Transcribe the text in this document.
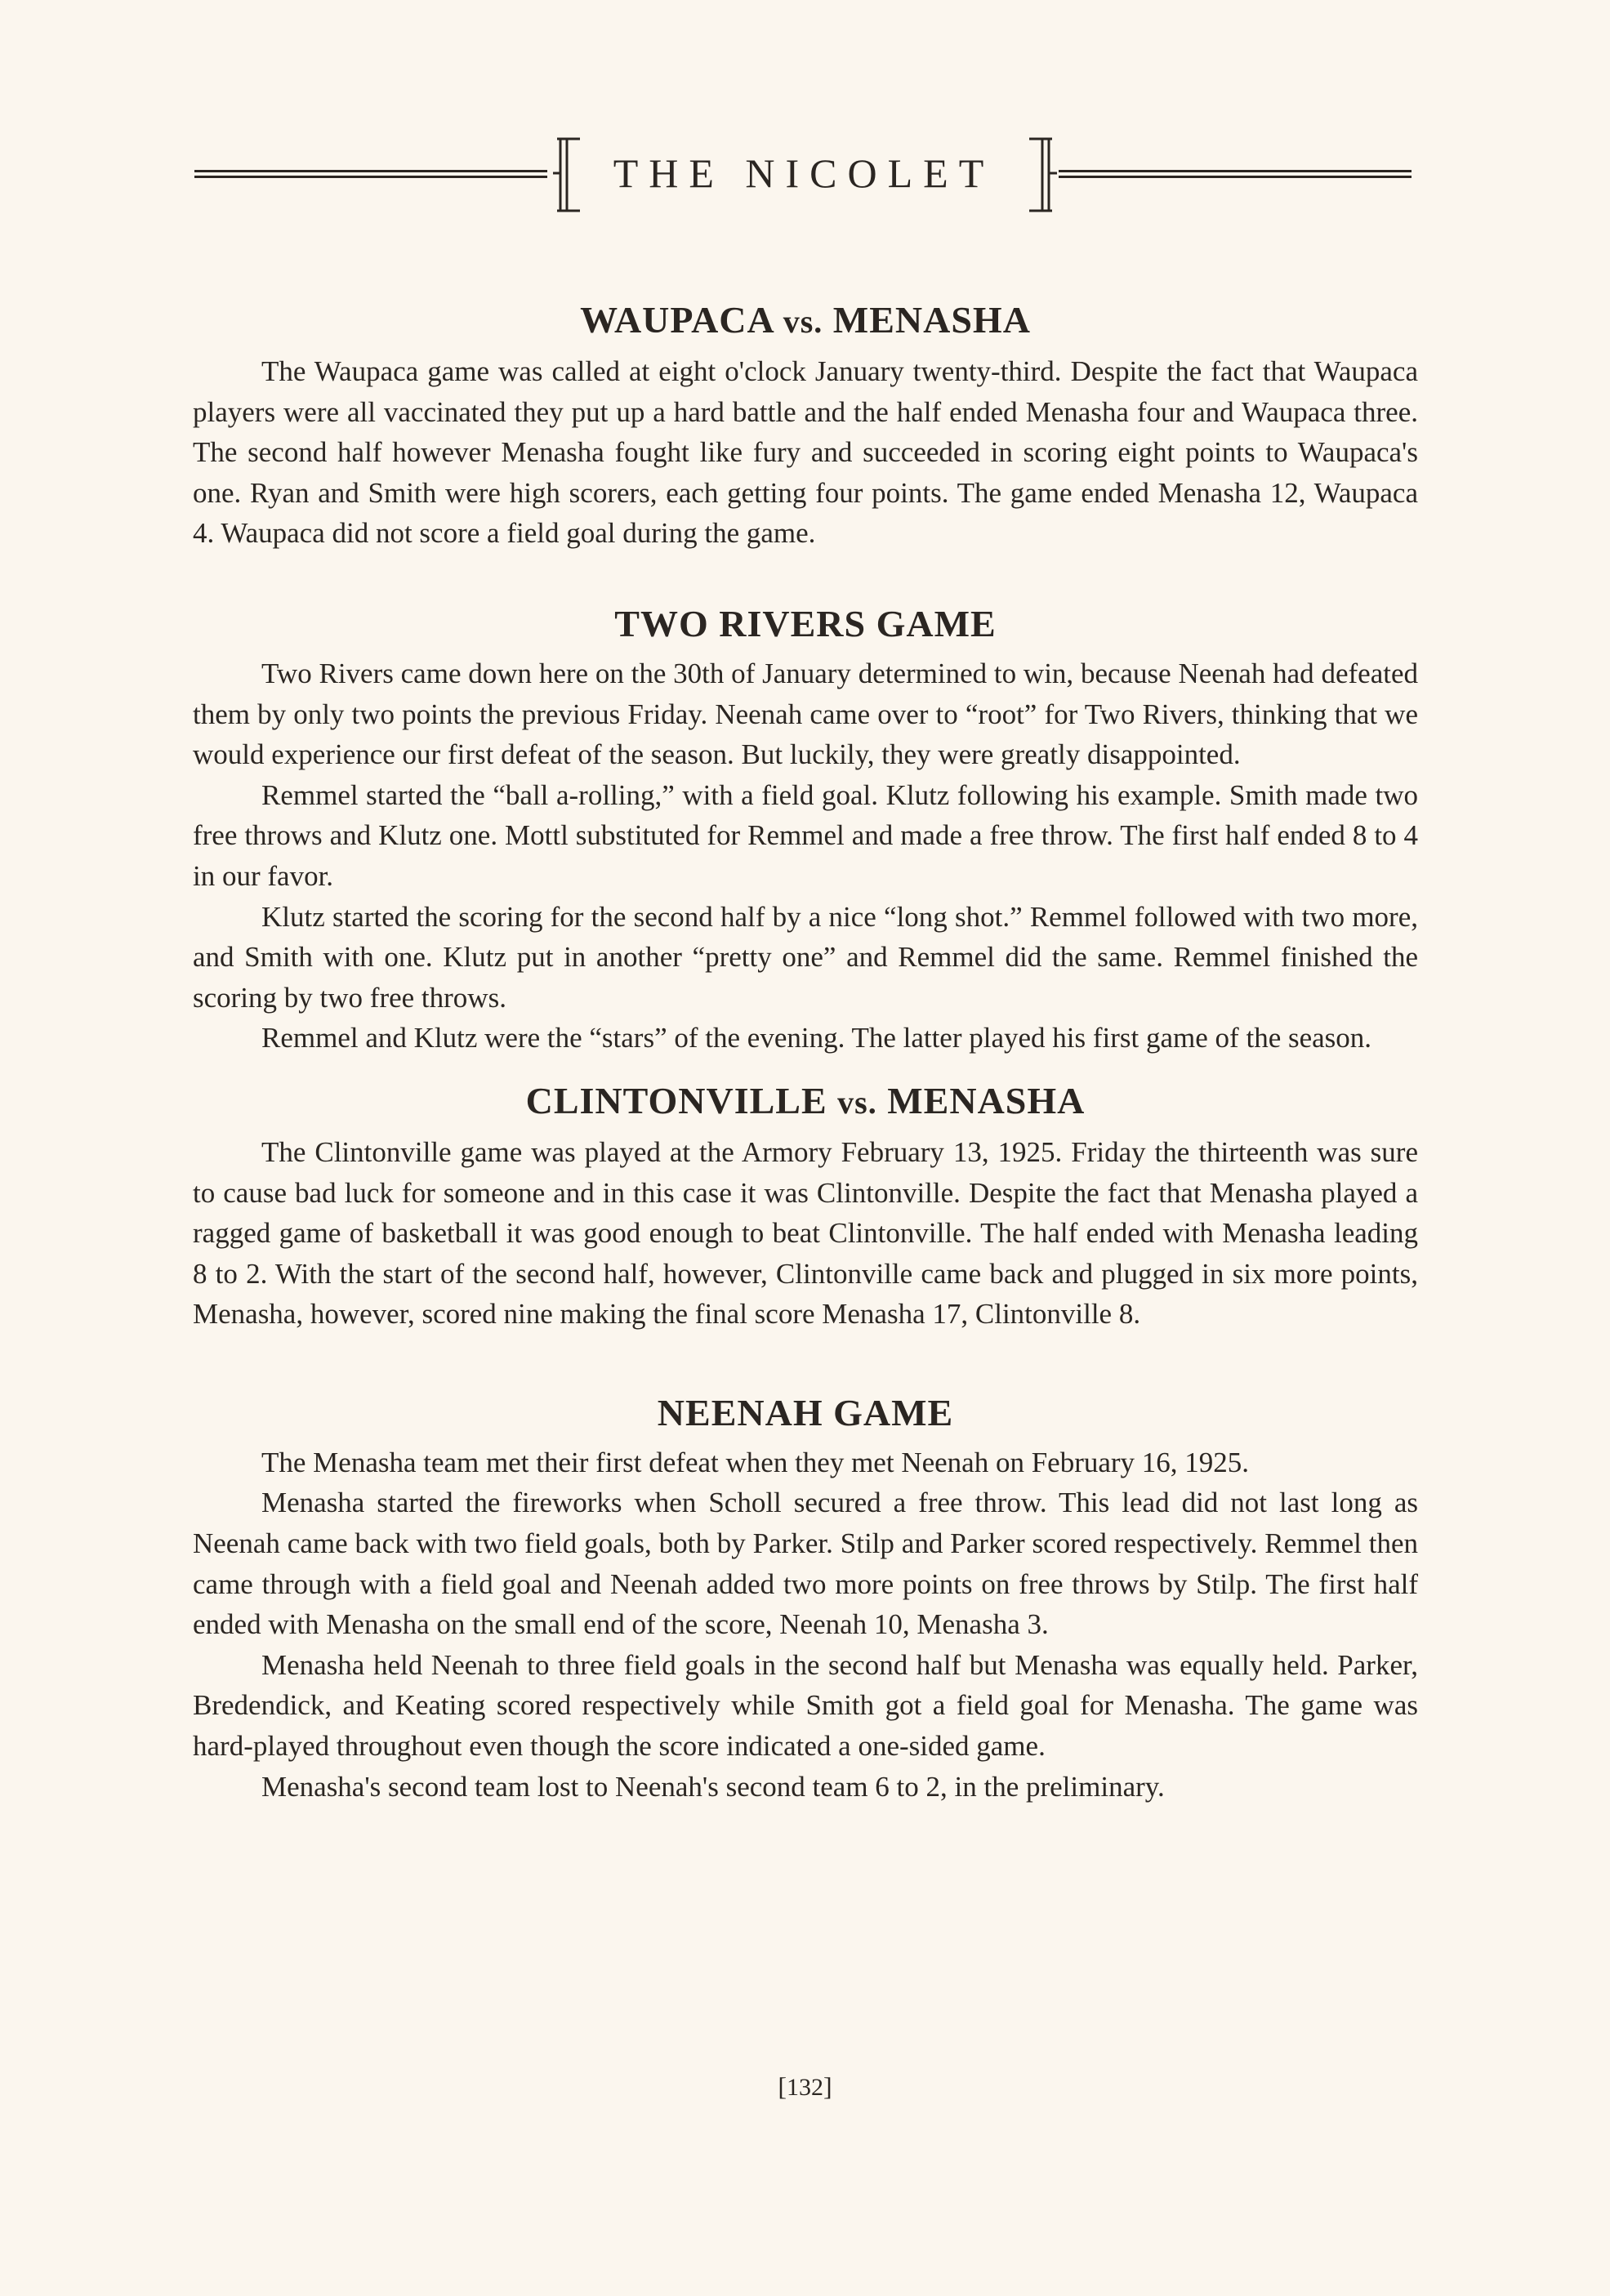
THE NICOLET
WAUPACA vs. MENASHA

The Waupaca game was called at eight o'clock January twenty-third. Despite the fact that Waupaca players were all vaccinated they put up a hard battle and the half ended Menasha four and Waupaca three. The second half however Menasha fought like fury and succeeded in scoring eight points to Waupaca's one. Ryan and Smith were high scorers, each getting four points. The game ended Menasha 12, Waupaca 4. Waupaca did not score a field goal during the game.

TWO RIVERS GAME

Two Rivers came down here on the 30th of January determined to win, because Neenah had defeated them by only two points the previous Friday. Neenah came over to “root” for Two Rivers, thinking that we would experience our first defeat of the season. But luckily, they were greatly disappointed.

Remmel started the “ball a-rolling,” with a field goal. Klutz following his example. Smith made two free throws and Klutz one. Mottl substituted for Remmel and made a free throw. The first half ended 8 to 4 in our favor.

Klutz started the scoring for the second half by a nice “long shot.” Remmel followed with two more, and Smith with one. Klutz put in another “pretty one” and Remmel did the same. Remmel finished the scoring by two free throws.

Remmel and Klutz were the “stars” of the evening. The latter played his first game of the season.

CLINTONVILLE vs. MENASHA

The Clintonville game was played at the Armory February 13, 1925. Friday the thirteenth was sure to cause bad luck for someone and in this case it was Clintonville. Despite the fact that Menasha played a ragged game of basketball it was good enough to beat Clintonville. The half ended with Menasha leading 8 to 2. With the start of the second half, however, Clintonville came back and plugged in six more points, Menasha, however, scored nine making the final score Menasha 17, Clintonville 8.

NEENAH GAME

The Menasha team met their first defeat when they met Neenah on February 16, 1925.

Menasha started the fireworks when Scholl secured a free throw. This lead did not last long as Neenah came back with two field goals, both by Parker. Stilp and Parker scored respectively. Remmel then came through with a field goal and Neenah added two more points on free throws by Stilp. The first half ended with Menasha on the small end of the score, Neenah 10, Menasha 3.

Menasha held Neenah to three field goals in the second half but Menasha was equally held. Parker, Bredendick, and Keating scored respectively while Smith got a field goal for Menasha. The game was hard-played throughout even though the score indicated a one-sided game.

Menasha's second team lost to Neenah's second team 6 to 2, in the preliminary.

[132]
